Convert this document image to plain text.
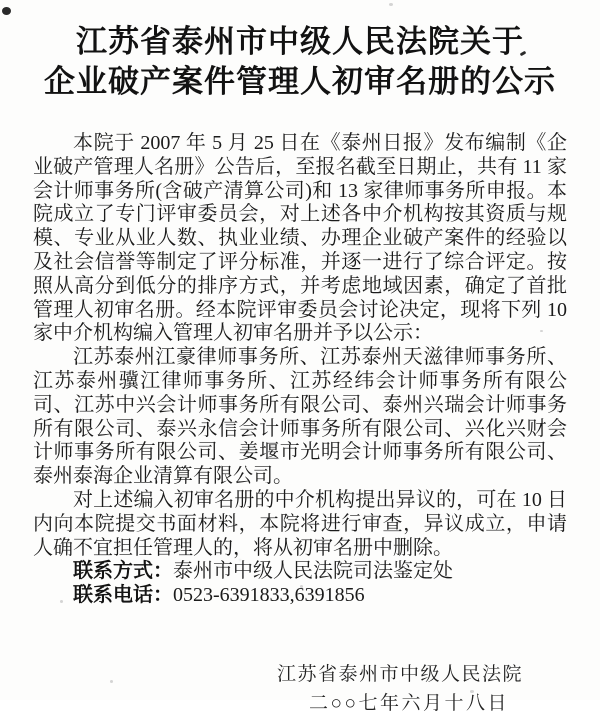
江苏省泰州市中级人民法院关于
企业破产案件管理人初审名册的公示

本院于 2007 年 5 月 25 日在《泰州日报》发布编制《企业破产管理人名册》公告后，至报名截至日期止，共有 11 家会计师事务所(含破产清算公司)和 13 家律师事务所申报。本院成立了专门评审委员会，对上述各中介机构按其资质与规模、专业从业人数、执业业绩、办理企业破产案件的经验以及社会信誉等制定了评分标准，并逐一进行了综合评定。按照从高分到低分的排序方式，并考虑地域因素，确定了首批管理人初审名册。经本院评审委员会讨论决定，现将下列 10 家中介机构编入管理人初审名册并予以公示：

江苏泰州江豪律师事务所、江苏泰州天滋律师事务所、江苏泰州骥江律师事务所、江苏经纬会计师事务所有限公司、江苏中兴会计师事务所有限公司、泰州兴瑞会计师事务所有限公司、泰兴永信会计师事务所有限公司、兴化兴财会计师事务所有限公司、姜堰市光明会计师事务所有限公司、泰州泰海企业清算有限公司。

对上述编入初审名册的中介机构提出异议的，可在 10 日内向本院提交书面材料，本院将进行审查，异议成立，申请人确不宜担任管理人的，将从初审名册中删除。

联系方式：泰州市中级人民法院司法鉴定处

联系电话：0523-6391833,6391856

江苏省泰州市中级人民法院
二○○七年六月十八日
